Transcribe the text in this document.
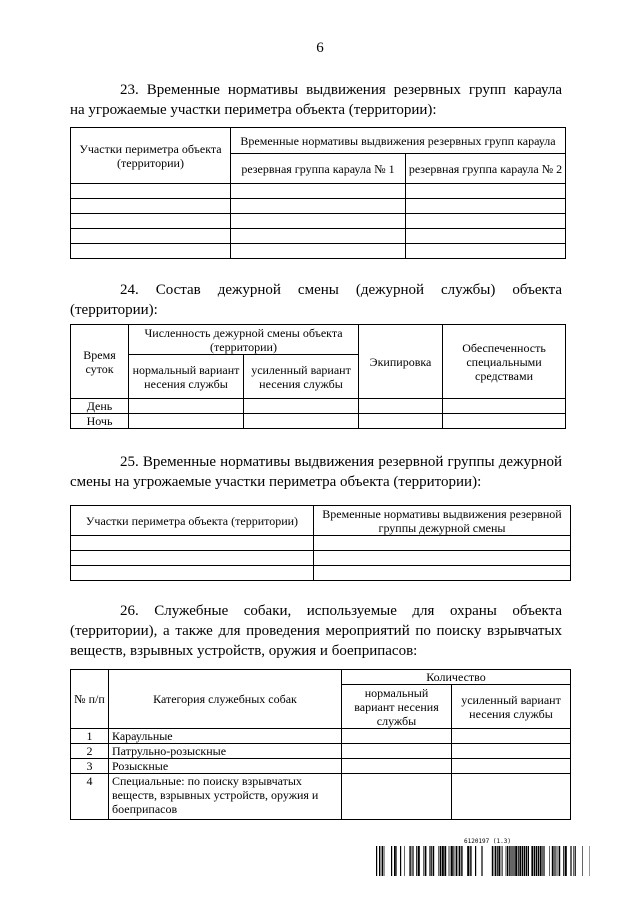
6
23. Временные нормативы выдвижения резервных групп караула
на угрожаемые участки периметра объекта (территории):
Участки периметра объекта (территории)	Временные нормативы выдвижения резервных групп караула	
	резервная группа караула № 1	резервная группа караула № 2

24. Состав дежурной смены (дежурной службы) объекта
(территории):
Время суток	Численность дежурной смены объекта (территории)		Экипировка	Обеспеченность специальными средствами
	нормальный вариант несения службы	усиленный вариант несения службы		
День				
Ночь				
25. Временные нормативы выдвижения резервной группы дежурной
смены на угрожаемые участки периметра объекта (территории):
Участки периметра объекта (территории)	Временные нормативы выдвижения резервной группы дежурной смены

26. Служебные собаки, используемые для охраны объекта
(территории), а также для проведения мероприятий по поиску взрывчатых
веществ, взрывных устройств, оружия и боеприпасов:
№ п/п	Категория служебных собак	Количество	
		нормальный вариант несения службы	усиленный вариант несения службы
1	Караульные		
2	Патрульно-розыскные		
3	Розыскные		
4	Специальные: по поиску взрывчатых веществ, взрывных устройств, оружия и боеприпасов		
6120197 (1.3)
